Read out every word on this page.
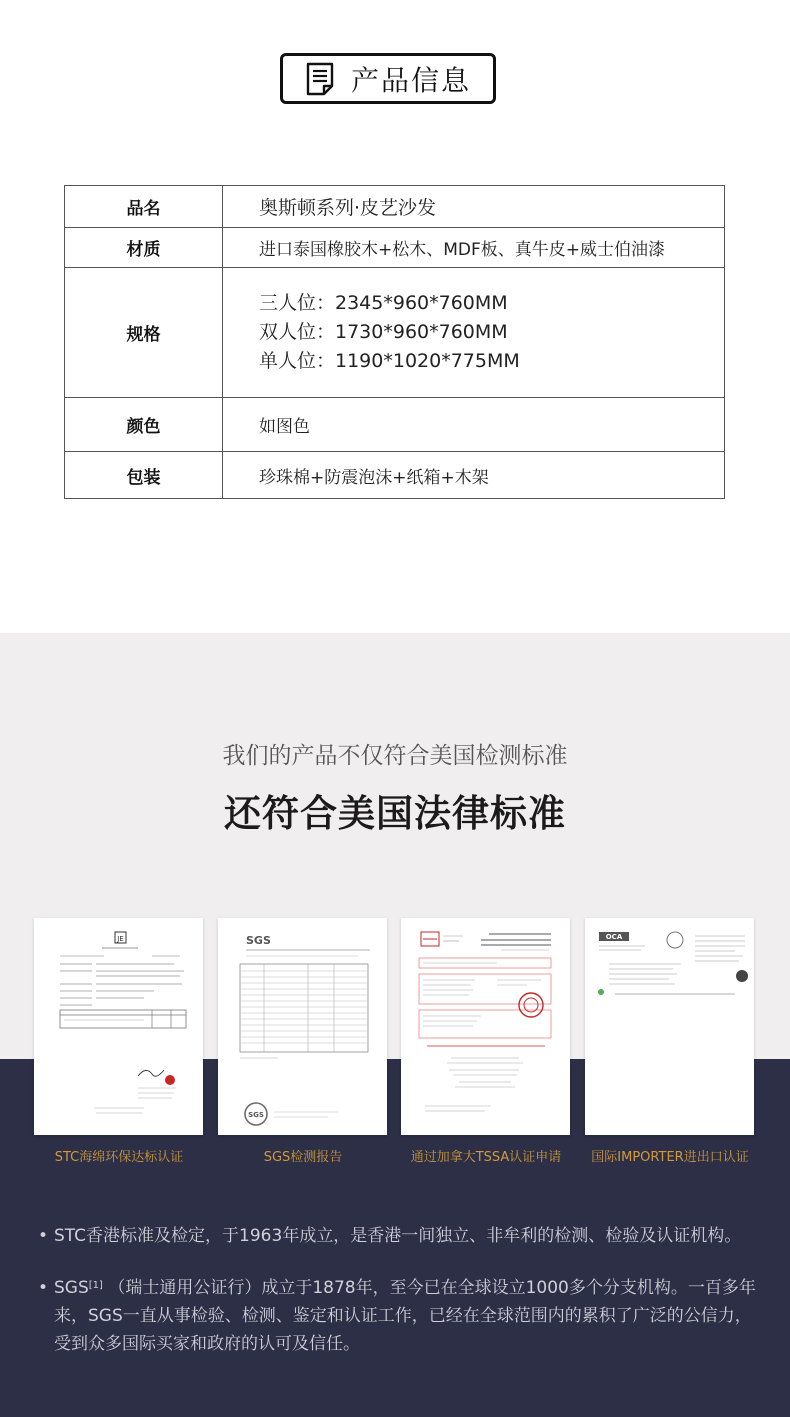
产品信息
品名	奥斯顿系列·皮艺沙发
材质	进口泰国橡胶木+松木、MDF板、真牛皮+威士伯油漆
规格	三人位：2345*960*760MM
双人位：1730*960*760MM
单人位：1190*1020*775MM

颜色	如图色
包装	珍珠棉+防震泡沫+纸箱+木架
我们的产品不仅符合美国检测标准
还符合美国法律标准
JE	SGS
SGS
OCA
STC海绵环保达标认证	SGS检测报告	通过加拿大TSSA认证申请	国际IMPORTER进出口认证
• STC香港标准及检定，于1963年成立，是香港一间独立、非牟利的检测、检验及认证机构。
• SGS[1] （瑞士通用公证行）成立于1878年，至今已在全球设立1000多个分支机构。一百多年来，SGS一直从事检验、检测、鉴定和认证工作，已经在全球范围内的累积了广泛的公信力，受到众多国际买家和政府的认可及信任。
